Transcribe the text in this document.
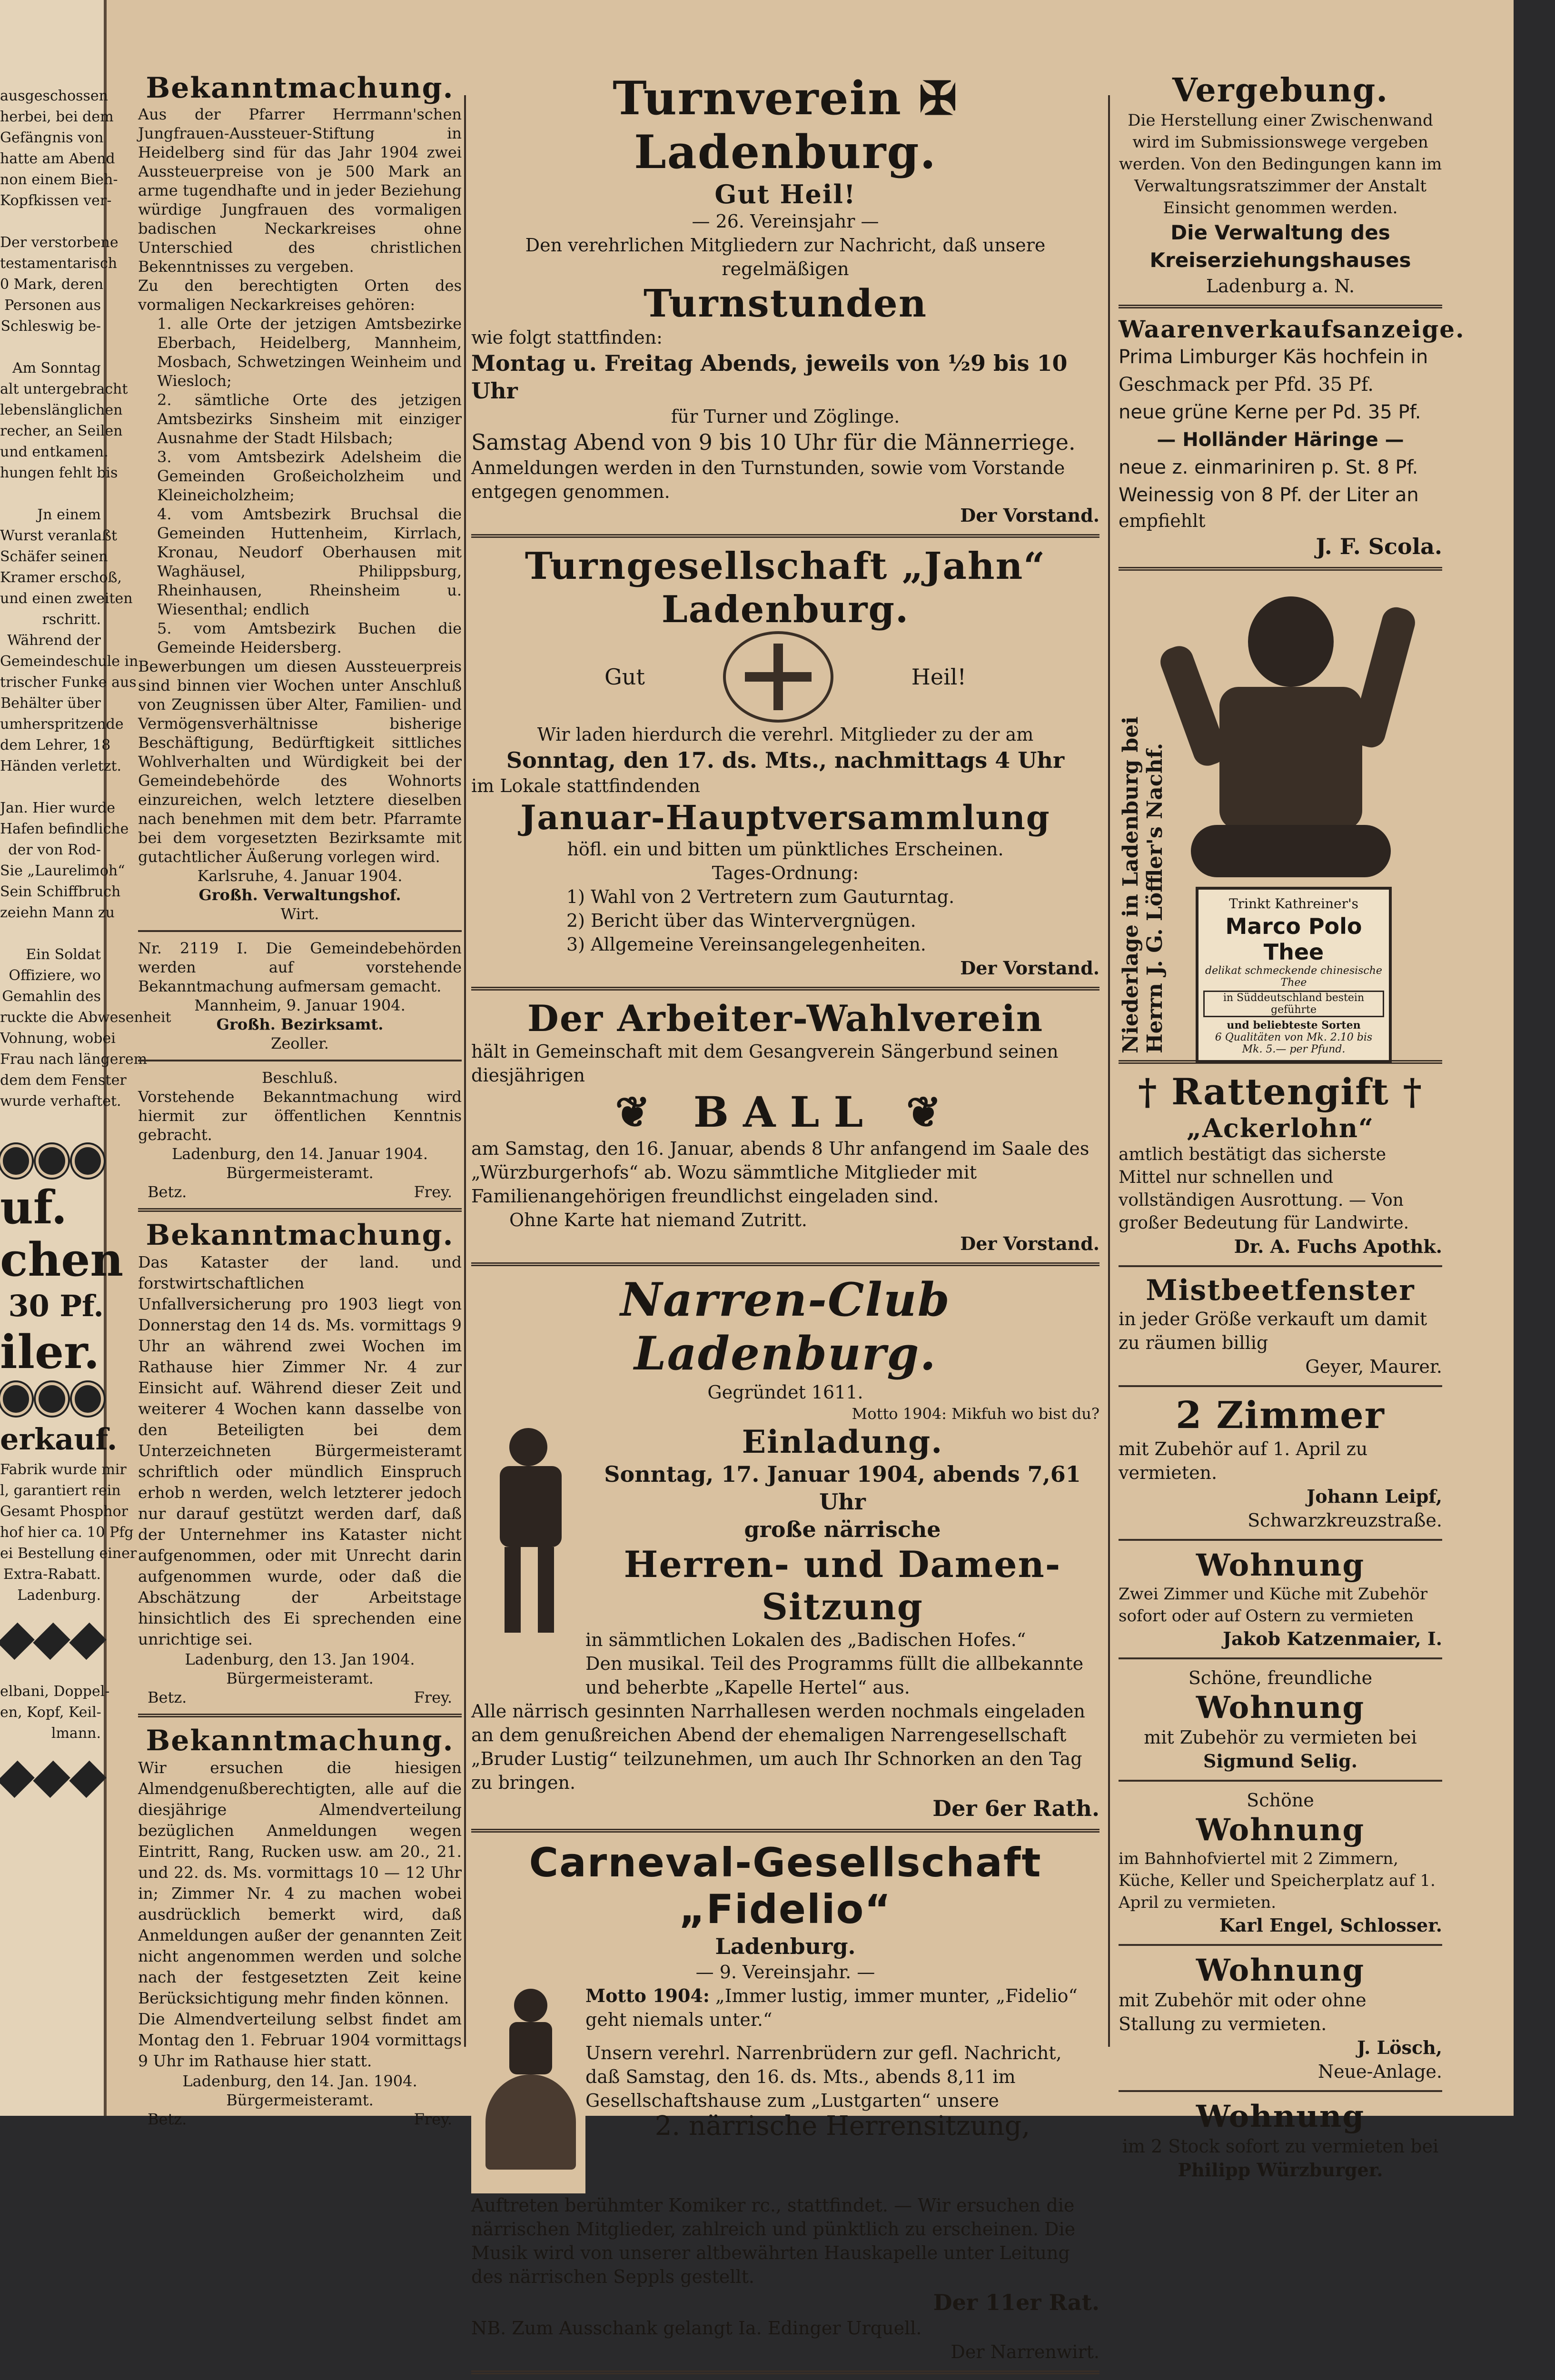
ausgeschossen
herbei, bei dem
Gefängnis von
hatte am Abend
non einem Bieh-
Kopfkissen ver-

Der verstorbene
testamentarisch
0 Mark, deren
Personen aus
Schleswig be-

Am Sonntag
alt untergebracht
lebenslänglichen
recher, an Seilen
und entkamen.
hungen fehlt bis

Jn einem
Wurst veranlaßt
Schäfer seinen
Kramer erschoß,
und einen zweiten
rschritt.
Während der
Gemeindeschule in
trischer Funke aus
Behälter über
umherspritzende
dem Lehrer, 18
Händen verletzt.

Jan. Hier wurde
Hafen befindliche
der von Rod-
Sie „Laurelimoh“
Sein Schiffbruch
zeiehn Mann zu

Ein Soldat
Offiziere, wo
Gemahlin des
ruckte die Abwesenheit
Vohnung, wobei
Frau nach längerem
dem dem Fenster
wurde verhaftet.
uf.
chen
30 Pf.
iler.
erkauf.
Fabrik wurde mir
l, garantiert rein
Gesamt Phosphor
hof hier ca. 10 Pfg
ei Bestellung einer
Extra-Rabatt.
Ladenburg.
elbani, Doppel-
en, Kopf, Keil-
lmann.
Bekanntmachung.
Aus der Pfarrer Herrmann'schen Jungfrauen-Aussteuer-Stiftung in Heidelberg sind für das Jahr 1904 zwei Aussteuerpreise von je 500 Mark an arme tugendhafte und in jeder Beziehung würdige Jungfrauen des vormaligen badischen Neckarkreises ohne Unterschied des christlichen Bekenntnisses zu vergeben.
Zu den berechtigten Orten des vormaligen Neckarkreises gehören:
1. alle Orte der jetzigen Amtsbezirke Eberbach, Heidelberg, Mannheim, Mosbach, Schwetzingen Weinheim und Wiesloch;
2. sämtliche Orte des jetzigen Amtsbezirks Sinsheim mit einziger Ausnahme der Stadt Hilsbach;
3. vom Amtsbezirk Adelsheim die Gemeinden Großeicholzheim und Kleineicholzheim;
4. vom Amtsbezirk Bruchsal die Gemeinden Huttenheim, Kirrlach, Kronau, Neudorf Oberhausen mit Waghäusel, Philippsburg, Rheinhausen, Rheinsheim u. Wiesenthal; endlich
5. vom Amtsbezirk Buchen die Gemeinde Heidersberg.
Bewerbungen um diesen Aussteuerpreis sind binnen vier Wochen unter Anschluß von Zeugnissen über Alter, Familien- und Vermögensverhältnisse bisherige Beschäftigung, Bedürftigkeit sittliches Wohlverhalten und Würdigkeit bei der Gemeindebehörde des Wohnorts einzureichen, welch letztere dieselben nach benehmen mit dem betr. Pfarramte bei dem vorgesetzten Bezirksamte mit gutachtlicher Äußerung vorlegen wird.
Karlsruhe, 4. Januar 1904.
Großh. Verwaltungshof.
Wirt.
Nr. 2119 I. Die Gemeindebehörden werden auf vorstehende Bekanntmachung aufmersam gemacht.
Mannheim, 9. Januar 1904.
Großh. Bezirksamt.
Zeoller.
Beschluß.
Vorstehende Bekanntmachung wird hiermit zur öffentlichen Kenntnis gebracht.
Ladenburg, den 14. Januar 1904.
Bürgermeisteramt.
Betz.	Frey.
Bekanntmachung.
Das Kataster der land. und forstwirtschaftlichen Unfallversicherung pro 1903 liegt von Donnerstag den 14 ds. Ms. vormittags 9 Uhr an während zwei Wochen im Rathause hier Zimmer Nr. 4 zur Einsicht auf. Während dieser Zeit und weiterer 4 Wochen kann dasselbe von den Beteiligten bei dem Unterzeichneten Bürgermeisteramt schriftlich oder mündlich Einspruch erhob n werden, welch letzterer jedoch nur darauf gestützt werden darf, daß der Unternehmer ins Kataster nicht aufgenommen, oder mit Unrecht darin aufgenommen wurde, oder daß die Abschätzung der Arbeitstage hinsichtlich des Ei sprechenden eine unrichtige sei.
Ladenburg, den 13. Jan 1904.
Bürgermeisteramt.
Betz.	Frey.
Bekanntmachung.
Wir ersuchen die hiesigen Almendgenußberechtigten, alle auf die diesjährige Almendverteilung bezüglichen Anmeldungen wegen Eintritt, Rang, Rucken usw. am 20., 21. und 22. ds. Ms. vormittags 10 — 12 Uhr in; Zimmer Nr. 4 zu machen wobei ausdrücklich bemerkt wird, daß Anmeldungen außer der genannten Zeit nicht angenommen werden und solche nach der festgesetzten Zeit keine Berücksichtigung mehr finden können.
Die Almendverteilung selbst findet am Montag den 1. Februar 1904 vormittags 9 Uhr im Rathause hier statt.
Ladenburg, den 14. Jan. 1904.
Bürgermeisteramt.
Betz.	Frey.
Turnverein ✠ Ladenburg.
Gut Heil!
— 26. Vereinsjahr —
Den verehrlichen Mitgliedern zur Nachricht, daß unsere regelmäßigen
Turnstunden
wie folgt stattfinden:
Montag u. Freitag Abends, jeweils von ½9 bis 10 Uhr
für Turner und Zöglinge.
Samstag Abend von 9 bis 10 Uhr für die Männerriege.
Anmeldungen werden in den Turnstunden, sowie vom Vorstande entgegen genommen.
Der Vorstand.
Turngesellschaft „Jahn“ Ladenburg.
Gut	Heil!
Wir laden hierdurch die verehrl. Mitglieder zu der am
Sonntag, den 17. ds. Mts., nachmittags 4 Uhr
im Lokale stattfindenden
Januar-Hauptversammlung
höfl. ein und bitten um pünktliches Erscheinen.
Tages-Ordnung:
1) Wahl von 2 Vertretern zum Gauturntag.
2) Bericht über das Wintervergnügen.
3) Allgemeine Vereinsangelegenheiten.
Der Vorstand.
Der Arbeiter-Wahlverein
hält in Gemeinschaft mit dem Gesangverein Sängerbund seinen diesjährigen
❦ BALL ❦
am Samstag, den 16. Januar, abends 8 Uhr anfangend im Saale des „Würzburgerhofs“ ab. Wozu sämmtliche Mitglieder mit Familienangehörigen freundlichst eingeladen sind.
Ohne Karte hat niemand Zutritt.
Der Vorstand.
Narren-Club Ladenburg.
Gegründet 1611.
Motto 1904: Mikfuh wo bist du?
Einladung.
Sonntag, 17. Januar 1904, abends 7,61 Uhr
große närrische
Herren- und Damen-Sitzung
in sämmtlichen Lokalen des „Badischen Hofes.“
Den musikal. Teil des Programms füllt die allbekannte und beherbte „Kapelle Hertel“ aus.
Alle närrisch gesinnten Narrhallesen werden nochmals eingeladen an dem genußreichen Abend der ehemaligen Narrengesellschaft „Bruder Lustig“ teilzunehmen, um auch Ihr Schnorken an den Tag zu bringen.
Der 6er Rath.
Carneval-Gesellschaft „Fidelio“
Ladenburg.
— 9. Vereinsjahr. —
Motto 1904: „Immer lustig, immer munter, „Fidelio“ geht niemals unter.“
Unsern verehrl. Narrenbrüdern zur gefl. Nachricht, daß Samstag, den 16. ds. Mts., abends 8,11 im Gesellschaftshause zum „Lustgarten“ unsere
2. närrische Herrensitzung,
Auftreten berühmter Komiker rc., stattfindet. — Wir ersuchen die närrischen Mitglieder, zahlreich und pünktlich zu erscheinen. Die Musik wird von unserer altbewährten Hauskapelle unter Leitung des närrischen Seppls gestellt.
Der 11er Rat.
NB. Zum Ausschank gelangt Ia. Edinger Urquell.
Der Narrenwirt.
Vergebung.
Die Herstellung einer Zwischenwand wird im Submissionswege vergeben werden. Von den Bedingungen kann im Verwaltungsratszimmer der Anstalt Einsicht genommen werden.
Die Verwaltung des Kreiserziehungshauses
Ladenburg a. N.
Waarenverkaufsanzeige.
Prima Limburger Käs hochfein in
Geschmack per Pfd. 35 Pf.
neue grüne Kerne per Pd. 35 Pf.
— Holländer Häringe —
neue z. einmariniren p. St. 8 Pf.
Weinessig von 8 Pf. der Liter an
empfiehlt
J. F. Scola.
Niederlage in Ladenburg bei Herrn J. G. Löffler's Nachf.	Trinkt Kathreiner's
Marco Polo Thee
delikat schmeckende chinesische Thee
in Süddeutschland bestein geführte
und beliebteste Sorten
6 Qualitäten von Mk. 2.10 bis Mk. 5.— per Pfund.
† Rattengift †
„Ackerlohn“
amtlich bestätigt das sicherste Mittel nur schnellen und vollständigen Ausrottung. — Von großer Bedeutung für Landwirte.
Dr. A. Fuchs Apothk.
Mistbeetfenster
in jeder Größe verkauft um damit zu räumen billig
Geyer, Maurer.
2 Zimmer
mit Zubehör auf 1. April zu vermieten.
Johann Leipf,
Schwarzkreuzstraße.
Wohnung
Zwei Zimmer und Küche mit Zubehör sofort oder auf Ostern zu vermieten
Jakob Katzenmaier, I.
Schöne, freundliche
Wohnung
mit Zubehör zu vermieten bei
Sigmund Selig.
Schöne
Wohnung
im Bahnhofviertel mit 2 Zimmern, Küche, Keller und Speicherplatz auf 1. April zu vermieten.
Karl Engel, Schlosser.
Wohnung
mit Zubehör mit oder ohne Stallung zu vermieten.
J. Lösch,
Neue-Anlage.
Wohnung
im 2 Stock sofort zu vermieten bei
Philipp Würzburger.
